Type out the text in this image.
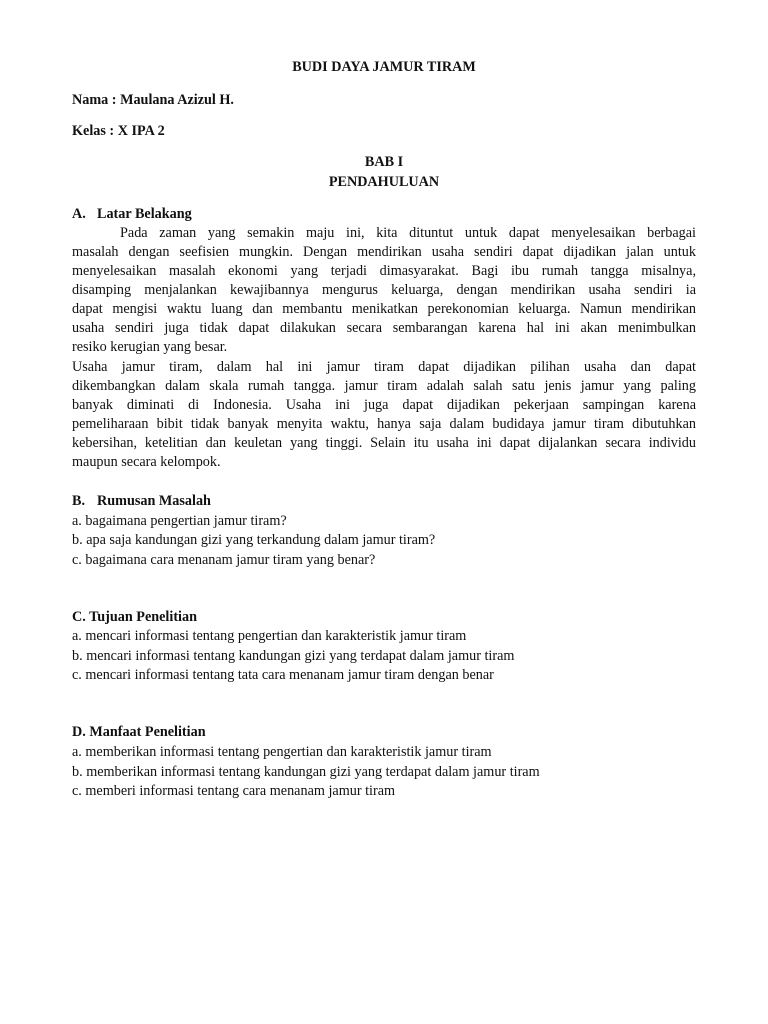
BUDI DAYA JAMUR TIRAM
Nama : Maulana Azizul H.
Kelas : X IPA 2
BAB I
PENDAHULUAN
A. Latar Belakang
Pada zaman yang semakin maju ini, kita dituntut untuk dapat menyelesaikan berbagai
masalah dengan seefisien mungkin. Dengan mendirikan usaha sendiri dapat dijadikan jalan untuk
menyelesaikan masalah ekonomi yang terjadi dimasyarakat. Bagi ibu rumah tangga misalnya,
disamping menjalankan kewajibannya mengurus keluarga, dengan mendirikan usaha sendiri ia
dapat mengisi waktu luang dan membantu menikatkan perekonomian keluarga. Namun mendirikan
usaha sendiri juga tidak dapat dilakukan secara sembarangan karena hal ini akan menimbulkan
resiko kerugian yang besar.
Usaha jamur tiram, dalam hal ini jamur tiram dapat dijadikan pilihan usaha dan dapat
dikembangkan dalam skala rumah tangga. jamur tiram adalah salah satu jenis jamur yang paling
banyak diminati di Indonesia. Usaha ini juga dapat dijadikan pekerjaan sampingan karena
pemeliharaan bibit tidak banyak menyita waktu, hanya saja dalam budidaya jamur tiram dibutuhkan
kebersihan, ketelitian dan keuletan yang tinggi. Selain itu usaha ini dapat dijalankan secara individu
maupun secara kelompok.
B. Rumusan Masalah
a. bagaimana pengertian jamur tiram?
b. apa saja kandungan gizi yang terkandung dalam jamur tiram?
c. bagaimana cara menanam jamur tiram yang benar?
C. Tujuan Penelitian
a. mencari informasi tentang pengertian dan karakteristik jamur tiram
b. mencari informasi tentang kandungan gizi yang terdapat dalam jamur tiram
c. mencari informasi tentang tata cara menanam jamur tiram dengan benar
D. Manfaat Penelitian
a. memberikan informasi tentang pengertian dan karakteristik jamur tiram
b. memberikan informasi tentang kandungan gizi yang terdapat dalam jamur tiram
c. memberi informasi tentang cara menanam jamur tiram
